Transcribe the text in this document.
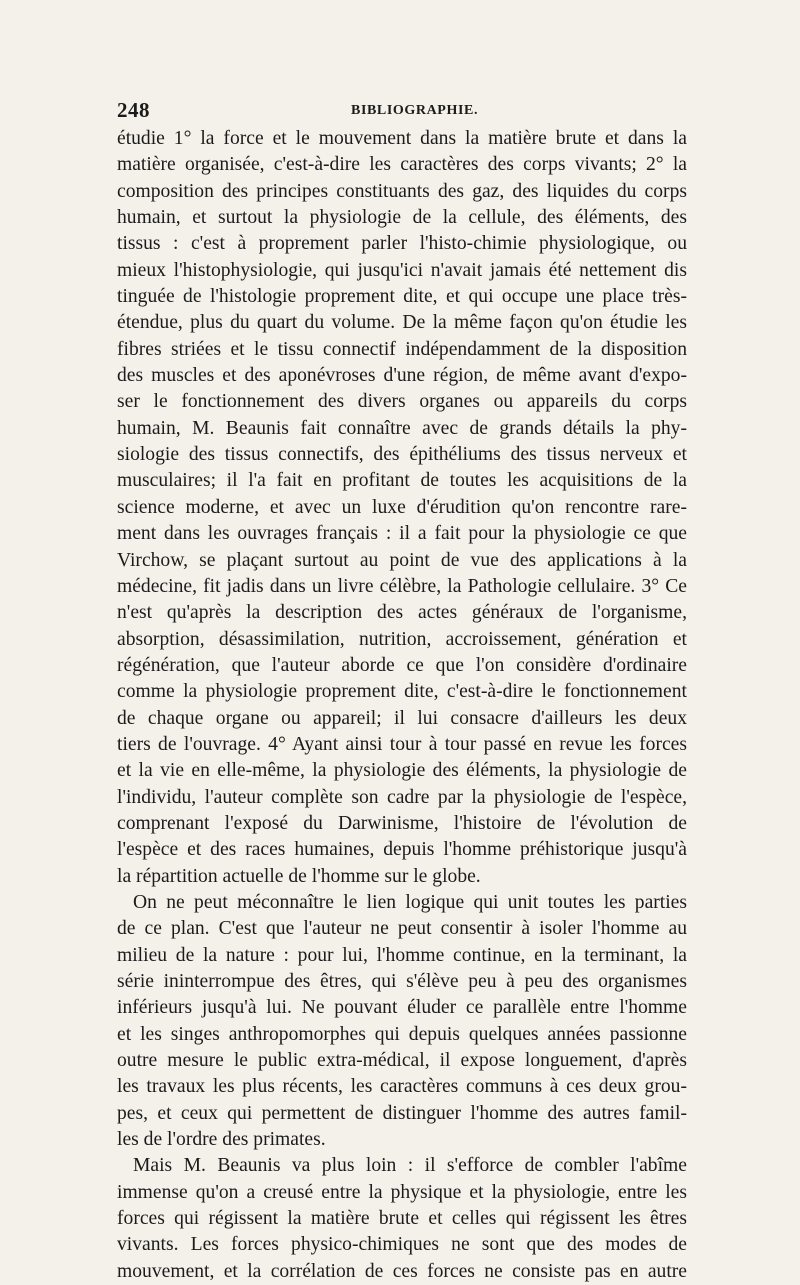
248	BIBLIOGRAPHIE.
étudie 1° la force et le mouvement dans la matière brute et dans la
matière organisée, c'est-à-dire les caractères des corps vivants; 2° la
composition des principes constituants des gaz, des liquides du corps
humain, et surtout la physiologie de la cellule, des éléments, des
tissus : c'est à proprement parler l'histo-chimie physiologique, ou
mieux l'histophysiologie, qui jusqu'ici n'avait jamais été nettement dis
tinguée de l'histologie proprement dite, et qui occupe une place très-
étendue, plus du quart du volume. De la même façon qu'on étudie les
fibres striées et le tissu connectif indépendamment de la disposition
des muscles et des aponévroses d'une région, de même avant d'expo-
ser le fonctionnement des divers organes ou appareils du corps
humain, M. Beaunis fait connaître avec de grands détails la phy-
siologie des tissus connectifs, des épithéliums des tissus nerveux et
musculaires; il l'a fait en profitant de toutes les acquisitions de la
science moderne, et avec un luxe d'érudition qu'on rencontre rare-
ment dans les ouvrages français : il a fait pour la physiologie ce que
Virchow, se plaçant surtout au point de vue des applications à la
médecine, fit jadis dans un livre célèbre, la Pathologie cellulaire. 3° Ce
n'est qu'après la description des actes généraux de l'organisme,
absorption, désassimilation, nutrition, accroissement, génération et
régénération, que l'auteur aborde ce que l'on considère d'ordinaire
comme la physiologie proprement dite, c'est-à-dire le fonctionnement
de chaque organe ou appareil; il lui consacre d'ailleurs les deux
tiers de l'ouvrage. 4° Ayant ainsi tour à tour passé en revue les forces
et la vie en elle-même, la physiologie des éléments, la physiologie de
l'individu, l'auteur complète son cadre par la physiologie de l'espèce,
comprenant l'exposé du Darwinisme, l'histoire de l'évolution de
l'espèce et des races humaines, depuis l'homme préhistorique jusqu'à
la répartition actuelle de l'homme sur le globe.
On ne peut méconnaître le lien logique qui unit toutes les parties
de ce plan. C'est que l'auteur ne peut consentir à isoler l'homme au
milieu de la nature : pour lui, l'homme continue, en la terminant, la
série ininterrompue des êtres, qui s'élève peu à peu des organismes
inférieurs jusqu'à lui. Ne pouvant éluder ce parallèle entre l'homme
et les singes anthropomorphes qui depuis quelques années passionne
outre mesure le public extra-médical, il expose longuement, d'après
les travaux les plus récents, les caractères communs à ces deux grou-
pes, et ceux qui permettent de distinguer l'homme des autres famil-
les de l'ordre des primates.
Mais M. Beaunis va plus loin : il s'efforce de combler l'abîme
immense qu'on a creusé entre la physique et la physiologie, entre les
forces qui régissent la matière brute et celles qui régissent les êtres
vivants. Les forces physico-chimiques ne sont que des modes de
mouvement, et la corrélation de ces forces ne consiste pas en autre
